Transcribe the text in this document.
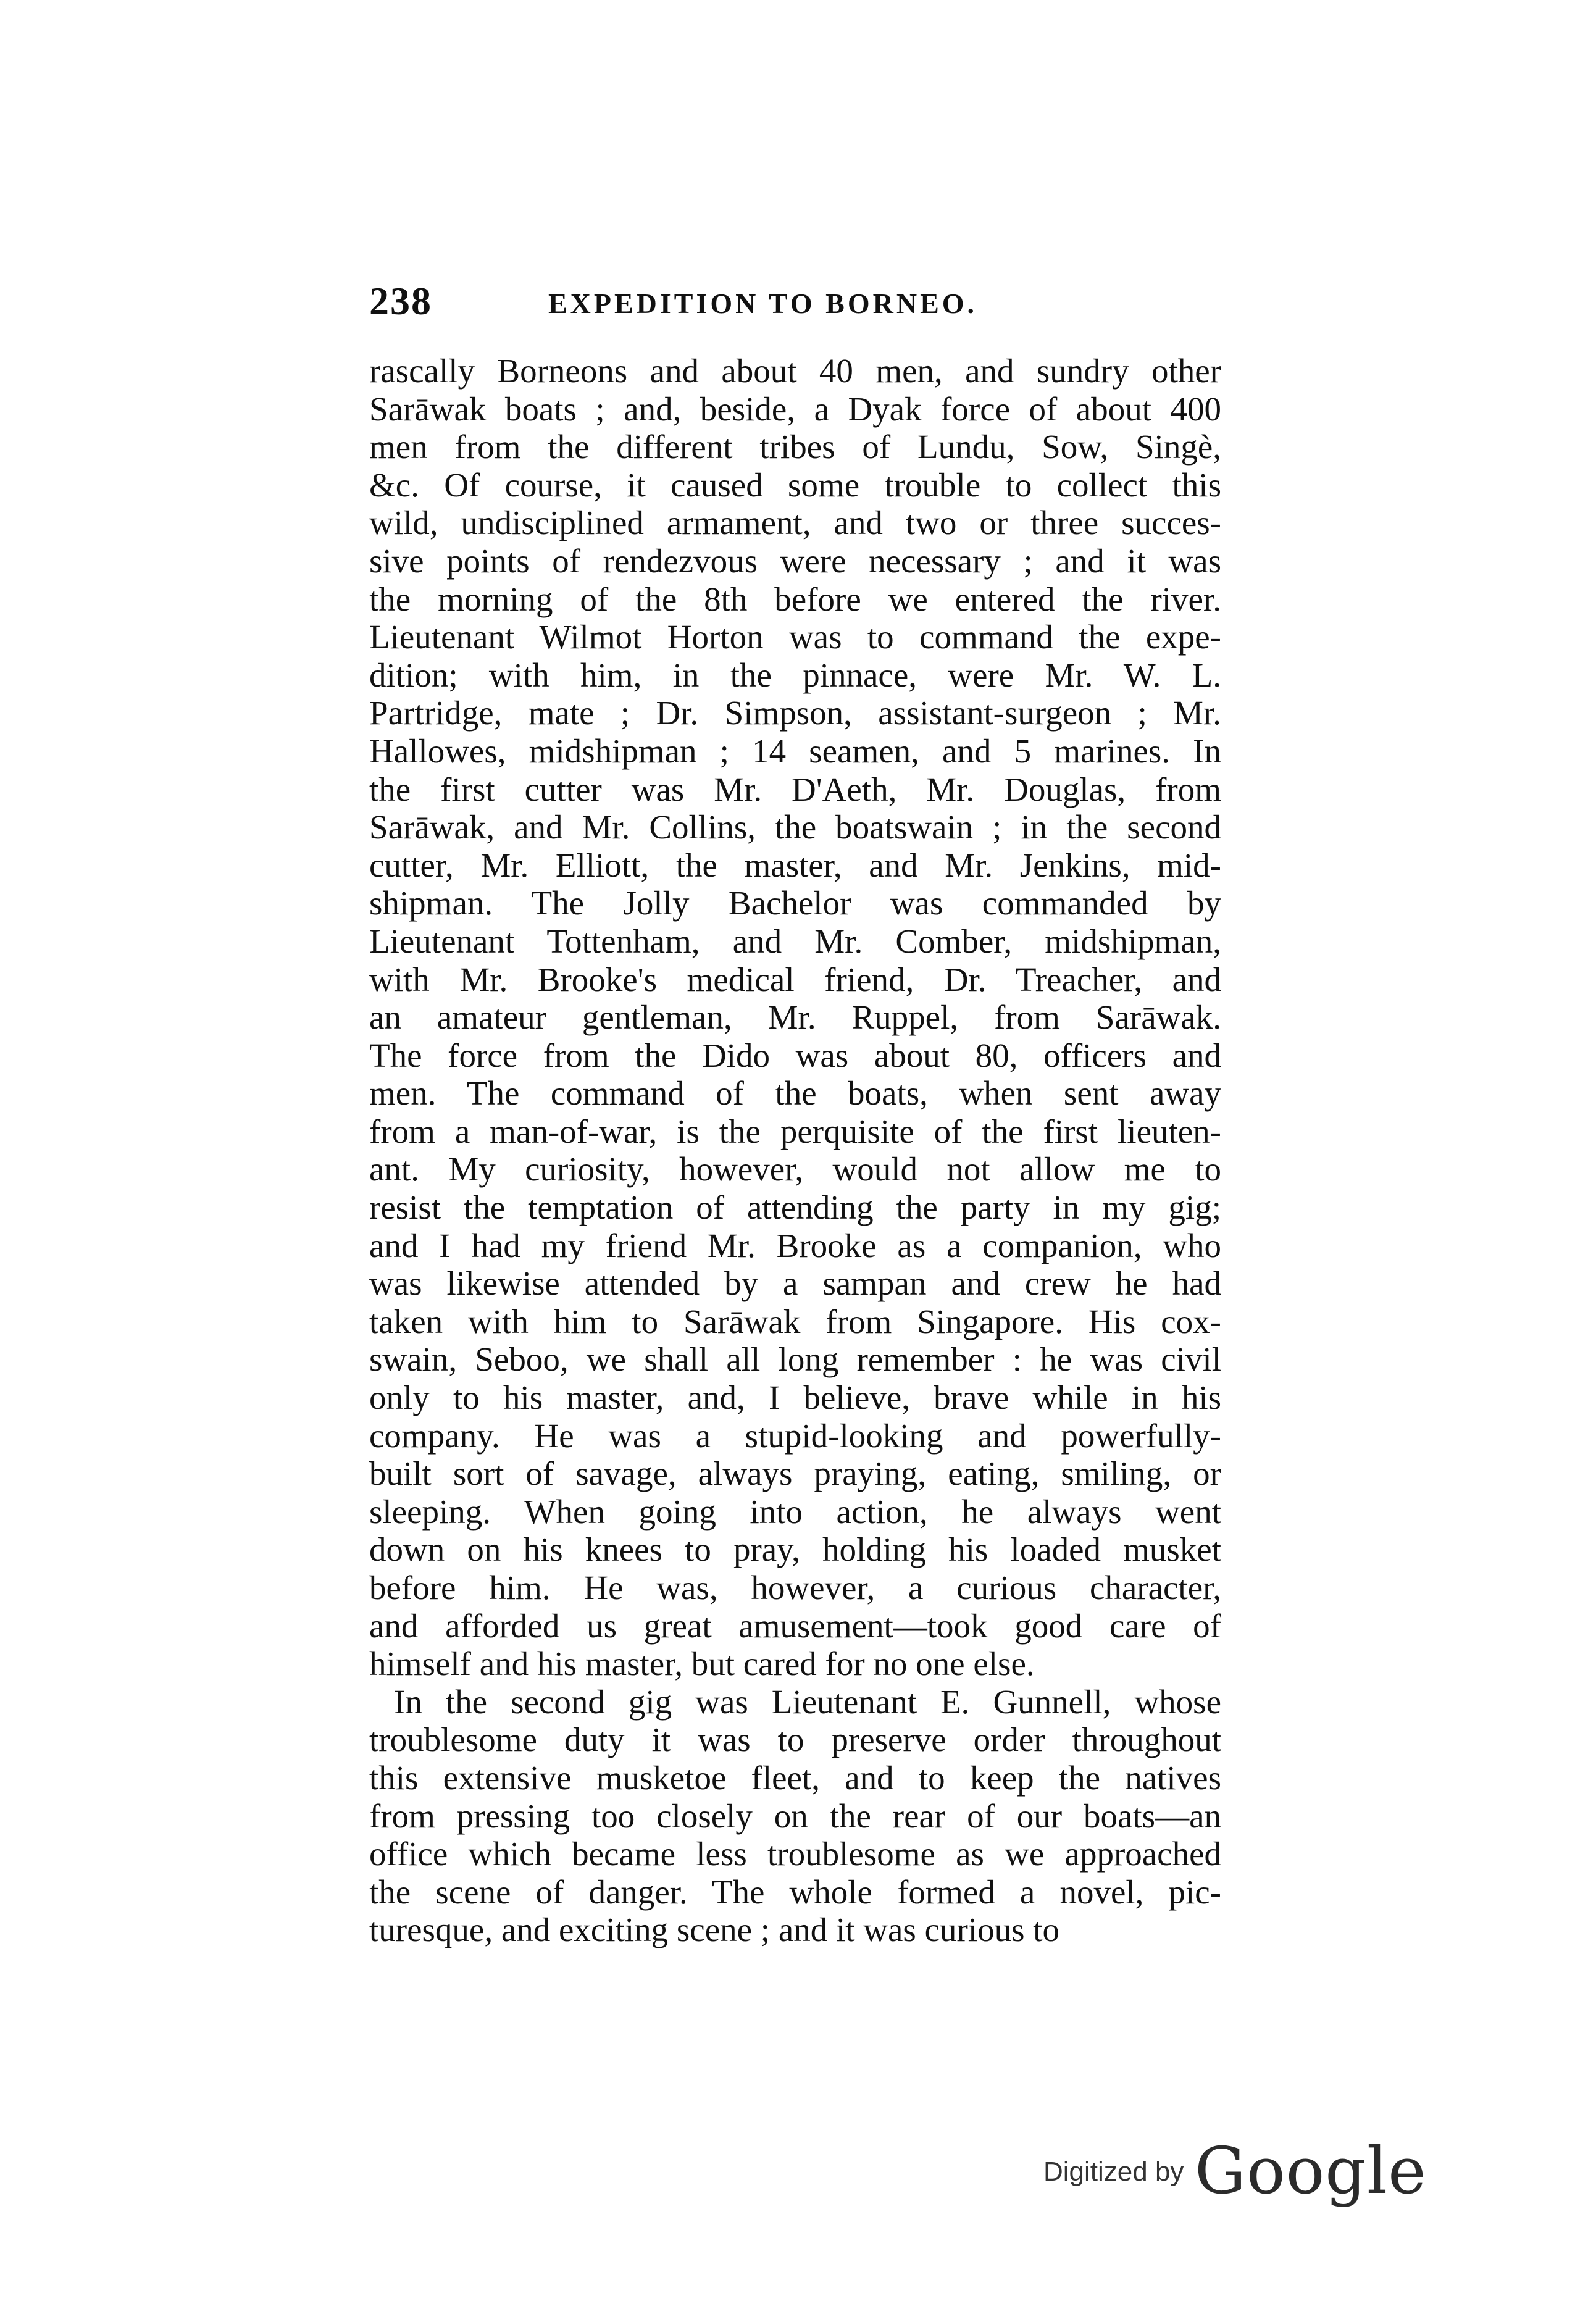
238	EXPEDITION TO BORNEO.
rascally Borneons and about 40 men, and sundry other
Sarāwak boats ; and, beside, a Dyak force of about 400
men from the different tribes of Lundu, Sow, Singè,
&c. Of course, it caused some trouble to collect this
wild, undisciplined armament, and two or three succes-
sive points of rendezvous were necessary ; and it was
the morning of the 8th before we entered the river.
Lieutenant Wilmot Horton was to command the expe-
dition; with him, in the pinnace, were Mr. W. L.
Partridge, mate ; Dr. Simpson, assistant-surgeon ; Mr.
Hallowes, midshipman ; 14 seamen, and 5 marines. In
the first cutter was Mr. D'Aeth, Mr. Douglas, from
Sarāwak, and Mr. Collins, the boatswain ; in the second
cutter, Mr. Elliott, the master, and Mr. Jenkins, mid-
shipman. The Jolly Bachelor was commanded by
Lieutenant Tottenham, and Mr. Comber, midshipman,
with Mr. Brooke's medical friend, Dr. Treacher, and
an amateur gentleman, Mr. Ruppel, from Sarāwak.
The force from the Dido was about 80, officers and
men. The command of the boats, when sent away
from a man-of-war, is the perquisite of the first lieuten-
ant. My curiosity, however, would not allow me to
resist the temptation of attending the party in my gig;
and I had my friend Mr. Brooke as a companion, who
was likewise attended by a sampan and crew he had
taken with him to Sarāwak from Singapore. His cox-
swain, Seboo, we shall all long remember : he was civil
only to his master, and, I believe, brave while in his
company. He was a stupid-looking and powerfully-
built sort of savage, always praying, eating, smiling, or
sleeping. When going into action, he always went
down on his knees to pray, holding his loaded musket
before him. He was, however, a curious character,
and afforded us great amusement—took good care of
himself and his master, but cared for no one else.
In the second gig was Lieutenant E. Gunnell, whose
troublesome duty it was to preserve order throughout
this extensive musketoe fleet, and to keep the natives
from pressing too closely on the rear of our boats—an
office which became less troublesome as we approached
the scene of danger. The whole formed a novel, pic-
turesque, and exciting scene ; and it was curious to
Digitized by Google
